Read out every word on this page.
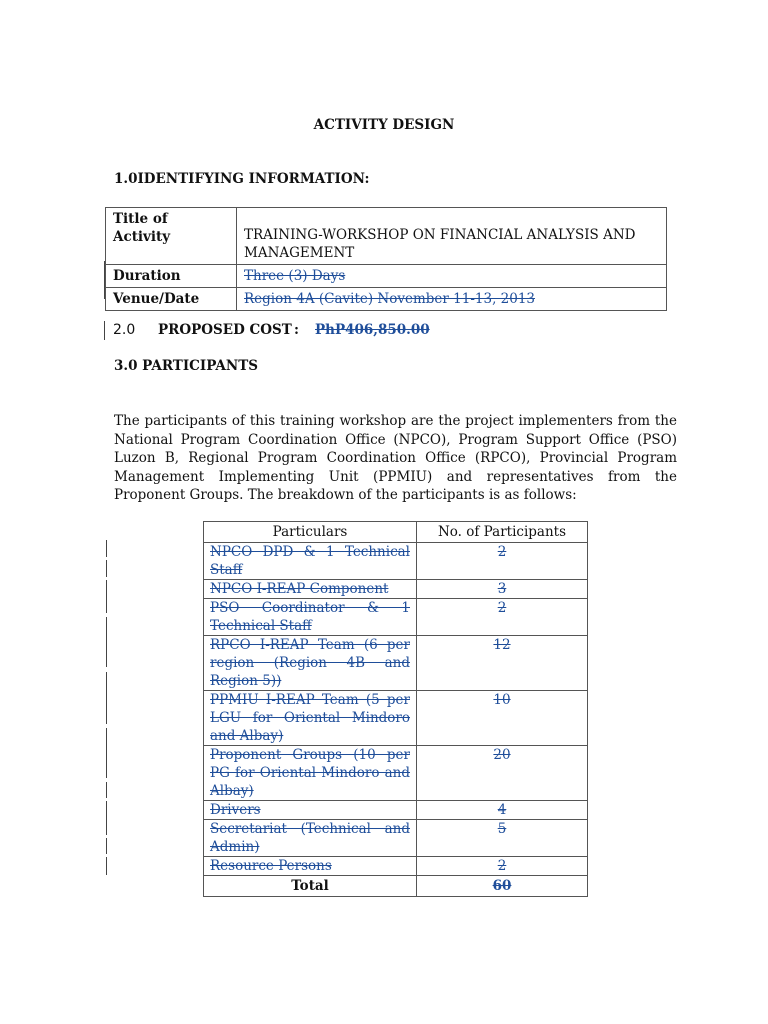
ACTIVITY DESIGN
1.0IDENTIFYING INFORMATION:
Title of Activity	TRAINING-WORKSHOP ON FINANCIAL ANALYSIS AND MANAGEMENT
Duration	Three (3) Days
Venue/Date	Region 4A (Cavite) November 11-13, 2013
2.0 PROPOSED COST : PhP406,850.00
3.0 PARTICIPANTS
The participants of this training workshop are the project implementers from the National Program Coordination Office (NPCO), Program Support Office (PSO) Luzon B, Regional Program Coordination Office (RPCO), Provincial Program Management Implementing Unit (PPMIU) and representatives from the Proponent Groups. The breakdown of the participants is as follows:
Particulars	No. of Participants
NPCO DPD & 1 Technical Staff	2
NPCO I-REAP Component	3
PSO Coordinator & 1 Technical Staff	2
RPCO I-REAP Team (6 per region (Region 4B and Region 5))	12
PPMIU I-REAP Team (5 per LGU for Oriental Mindoro and Albay)	10
Proponent Groups (10 per PG for Oriental Mindoro and Albay)	20
Drivers	4
Secretariat (Technical and Admin)	5
Resource Persons	2
Total	60
